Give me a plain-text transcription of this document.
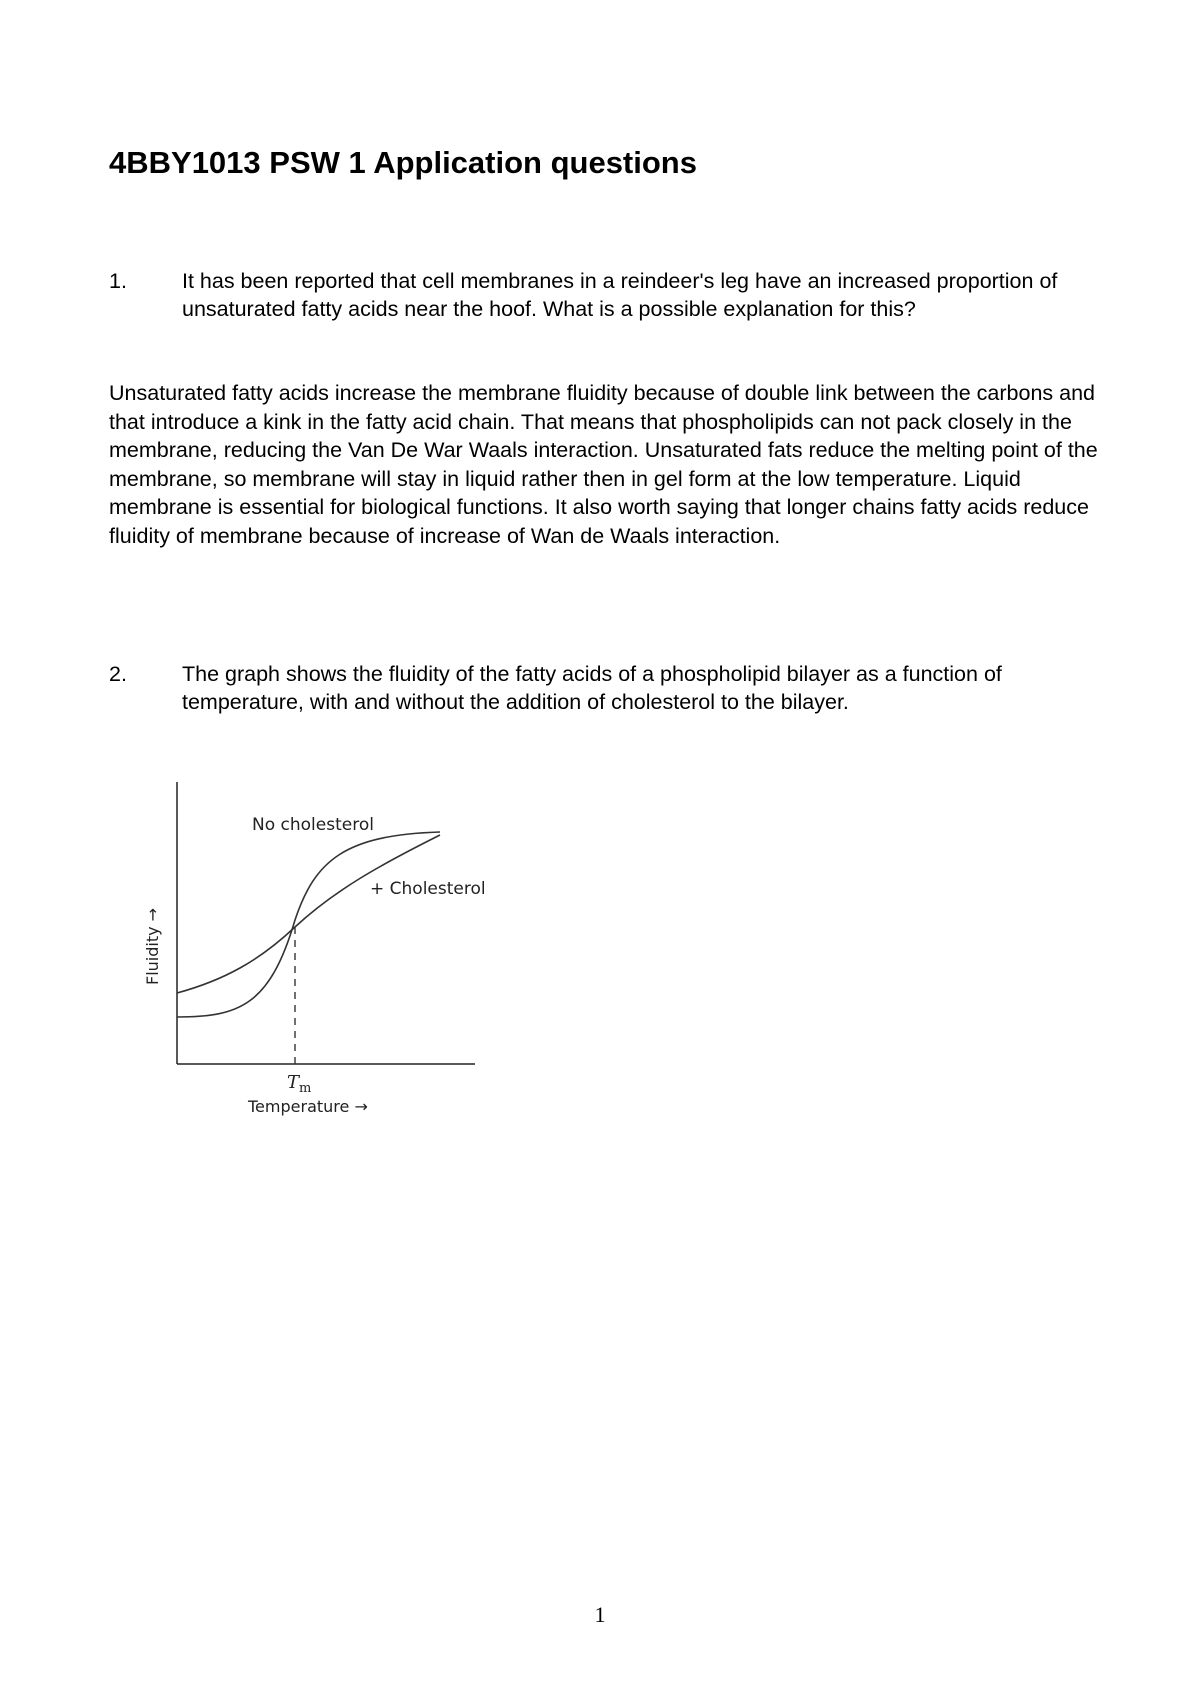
4BBY1013 PSW 1 Application questions
1.	It has been reported that cell membranes in a reindeer's leg have an increased proportion of unsaturated fatty acids near the hoof. What is a possible explanation for this?

Unsaturated fatty acids increase the membrane fluidity because of double link between the carbons and that introduce a kink in the fatty acid chain. That means that phospholipids can not pack closely in the membrane, reducing the Van De War Waals interaction. Unsaturated fats reduce the melting point of the membrane, so membrane will stay in liquid rather then in gel form at the low temperature. Liquid membrane is essential for biological functions. It also worth saying that longer chains fatty acids reduce fluidity of membrane because of increase of Wan de Waals interaction.

2.	The graph shows the fluidity of the fatty acids of a phospholipid bilayer as a function of temperature, with and without the addition of cholesterol to the bilayer.
No cholesterol
+ Cholesterol
$T_m$
Temperature →
Fluidity →
1
